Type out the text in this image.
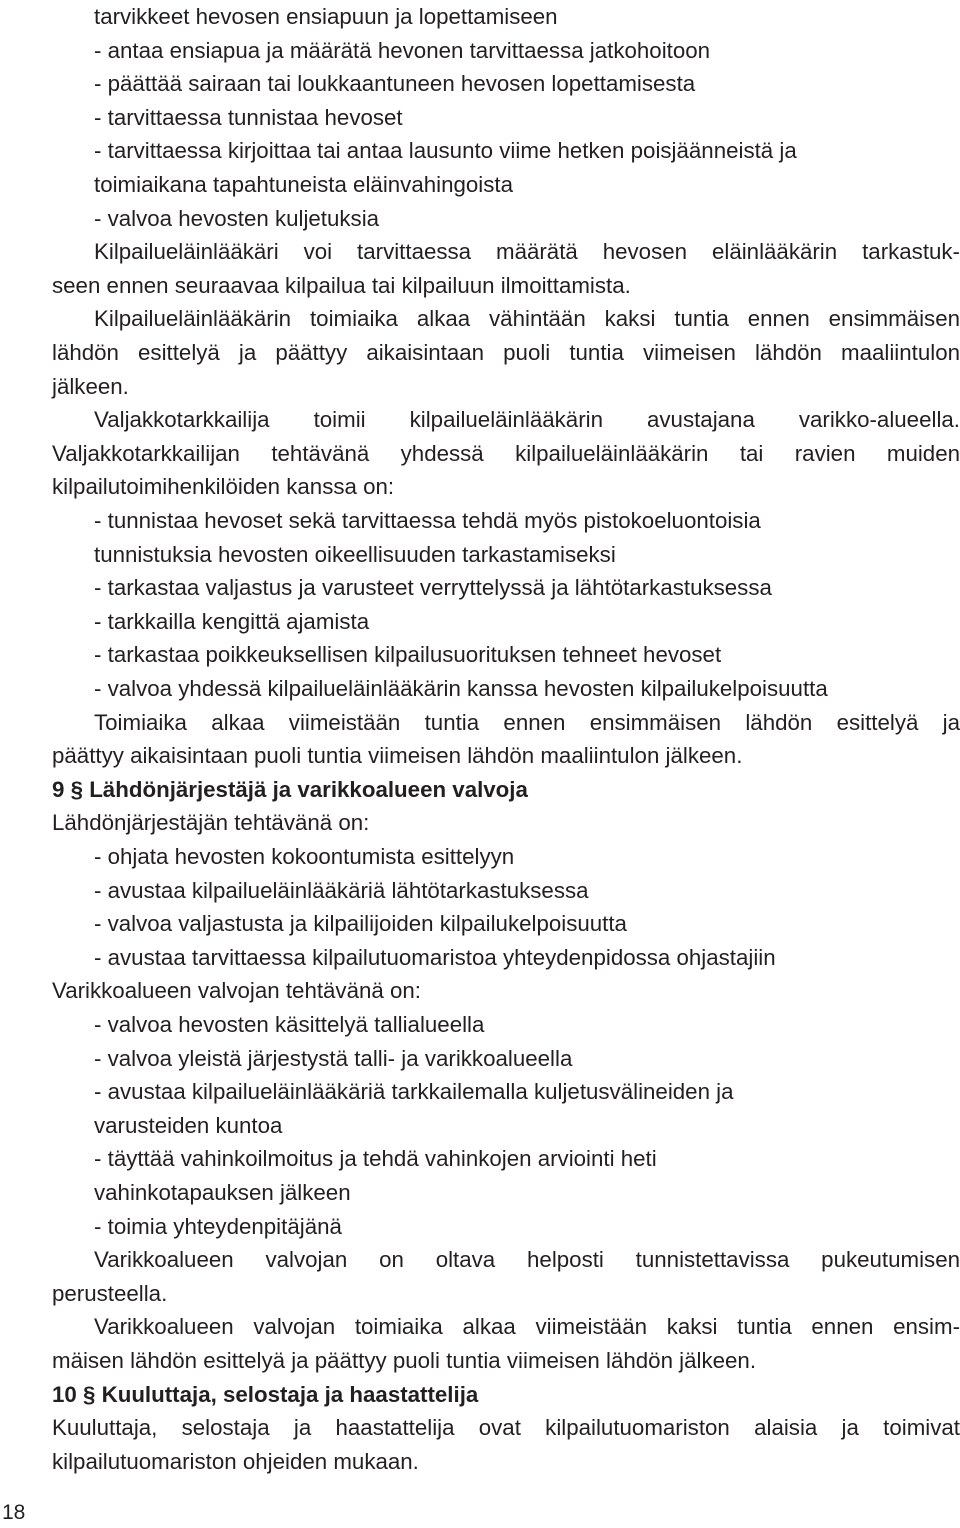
tarvikkeet hevosen ensiapuun ja lopettamiseen
- antaa ensiapua ja määrätä hevonen tarvittaessa jatkohoitoon
- päättää sairaan tai loukkaantuneen hevosen lopettamisesta
- tarvittaessa tunnistaa hevoset
- tarvittaessa kirjoittaa tai antaa lausunto viime hetken poisjäänneistä ja
toimiaikana tapahtuneista eläinvahingoista
- valvoa hevosten kuljetuksia
Kilpailueläinlääkäri voi tarvittaessa määrätä hevosen eläinlääkärin tarkastuk-
seen ennen seuraavaa kilpailua tai kilpailuun ilmoittamista.
Kilpailueläinlääkärin toimiaika alkaa vähintään kaksi tuntia ennen ensimmäisen
lähdön esittelyä ja päättyy aikaisintaan puoli tuntia viimeisen lähdön maaliintulon
jälkeen.
Valjakkotarkkailija toimii kilpailueläinlääkärin avustajana varikko-alueella.
Valjakkotarkkailijan tehtävänä yhdessä kilpailueläinlääkärin tai ravien muiden
kilpailutoimihenkilöiden kanssa on:
- tunnistaa hevoset sekä tarvittaessa tehdä myös pistokoeluontoisia
tunnistuksia hevosten oikeellisuuden tarkastamiseksi
- tarkastaa valjastus ja varusteet verryttelyssä ja lähtötarkastuksessa
- tarkkailla kengittä ajamista
- tarkastaa poikkeuksellisen kilpailusuorituksen tehneet hevoset
- valvoa yhdessä kilpailueläinlääkärin kanssa hevosten kilpailukelpoisuutta
Toimiaika alkaa viimeistään tuntia ennen ensimmäisen lähdön esittelyä ja
päättyy aikaisintaan puoli tuntia viimeisen lähdön maaliintulon jälkeen.
9 § Lähdönjärjestäjä ja varikkoalueen valvoja
Lähdönjärjestäjän tehtävänä on:
- ohjata hevosten kokoontumista esittelyyn
- avustaa kilpailueläinlääkäriä lähtötarkastuksessa
- valvoa valjastusta ja kilpailijoiden kilpailukelpoisuutta
- avustaa tarvittaessa kilpailutuomaristoa yhteydenpidossa ohjastajiin
Varikkoalueen valvojan tehtävänä on:
- valvoa hevosten käsittelyä tallialueella
- valvoa yleistä järjestystä talli- ja varikkoalueella
- avustaa kilpailueläinlääkäriä tarkkailemalla kuljetusvälineiden ja
varusteiden kuntoa
- täyttää vahinkoilmoitus ja tehdä vahinkojen arviointi heti
vahinkotapauksen jälkeen
- toimia yhteydenpitäjänä
Varikkoalueen valvojan on oltava helposti tunnistettavissa pukeutumisen
perusteella.
Varikkoalueen valvojan toimiaika alkaa viimeistään kaksi tuntia ennen ensim-
mäisen lähdön esittelyä ja päättyy puoli tuntia viimeisen lähdön jälkeen.
10 § Kuuluttaja, selostaja ja haastattelija
Kuuluttaja, selostaja ja haastattelija ovat kilpailutuomariston alaisia ja toimivat
kilpailutuomariston ohjeiden mukaan.
18
